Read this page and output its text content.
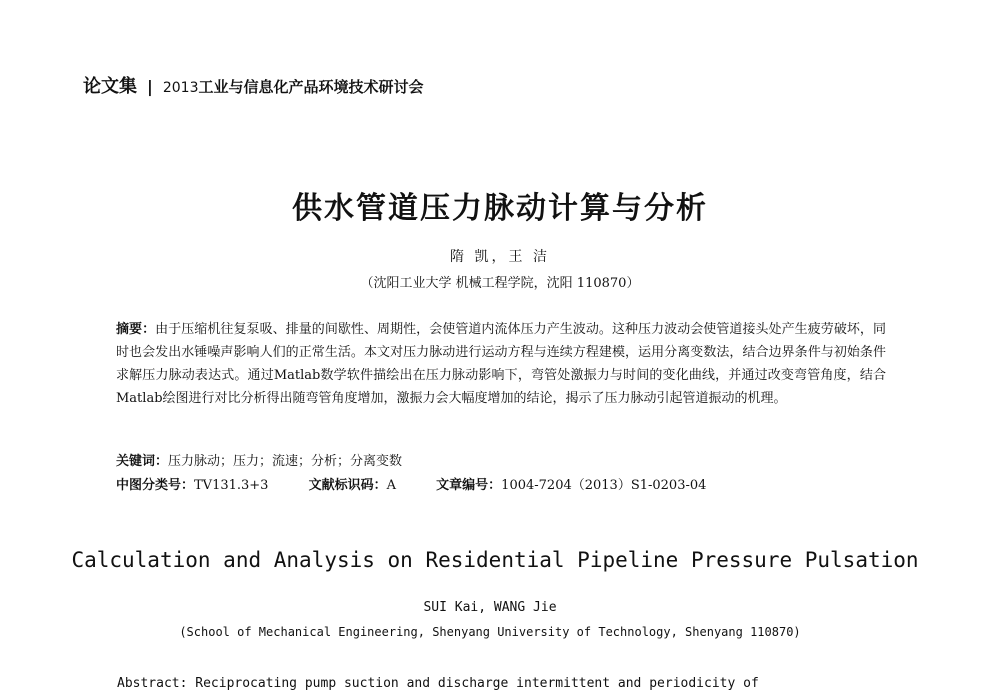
论文集 | 2013工业与信息化产品环境技术研讨会
供水管道压力脉动计算与分析
隋 凯，王 洁
（沈阳工业大学 机械工程学院，沈阳 110870）
摘要：由于压缩机往复泵吸、排量的间歇性、周期性，会使管道内流体压力产生波动。这种压力波动会使管道接头处产生疲劳破坏，同时也会发出水锤噪声影响人们的正常生活。本文对压力脉动进行运动方程与连续方程建模，运用分离变数法，结合边界条件与初始条件求解压力脉动表达式。通过Matlab数学软件描绘出在压力脉动影响下，弯管处激振力与时间的变化曲线，并通过改变弯管角度，结合Matlab绘图进行对比分析得出随弯管角度增加，激振力会大幅度增加的结论，揭示了压力脉动引起管道振动的机理。
关键词：压力脉动；压力；流速；分析；分离变数
中图分类号：TV131.3+3	文献标识码：A	文章编号：1004-7204（2013）S1-0203-04
Calculation and Analysis on Residential Pipeline Pressure Pulsation
SUI Kai, WANG Jie
(School of Mechanical Engineering, Shenyang University of Technology, Shenyang 110870)
Abstract: Reciprocating pump suction and discharge intermittent and periodicity of
